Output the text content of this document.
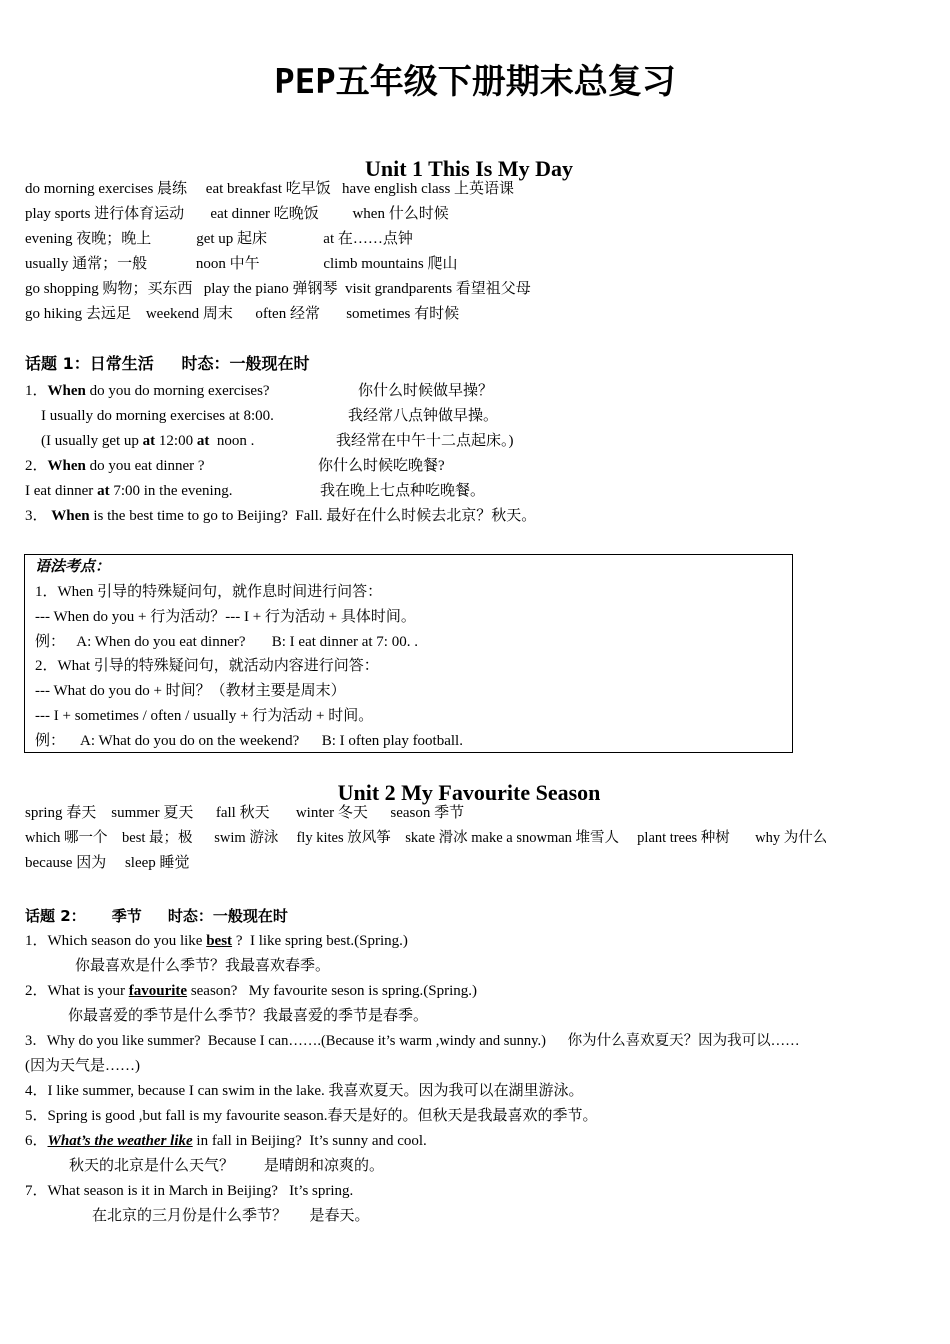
PEP五年级下册期末总复习
Unit 1 This Is My Day
do morning exercises 晨练     eat breakfast 吃早饭   have english class 上英语课
play sports 进行体育运动       eat dinner 吃晚饭         when 什么时候
evening 夜晚；晚上            get up 起床               at 在……点钟
usually 通常；一般             noon 中午                 climb mountains 爬山
go shopping 购物；买东西   play the piano 弹钢琴  visit grandparents 看望祖父母
go hiking 去远足    weekend 周末      often 经常       sometimes 有时候
话题 1：日常生活     时态：一般现在时
1．When do you do morning exercises?	你什么时候做早操？
I usually do morning exercises at 8:00.	我经常八点钟做早操。
(I usually get up at 12:00 at  noon .	我经常在中午十二点起床。)
2．When do you eat dinner ?	你什么时候吃晚餐?
I eat dinner at 7:00 in the evening.	我在晚上七点种吃晚餐。
3． When is the best time to go to Beijing?  Fall. 最好在什么时候去北京？秋天。
语法考点：
1．When 引导的特殊疑问句，就作息时间进行问答：
--- When do you + 行为活动？--- I + 行为活动 + 具体时间。
例：   A: When do you eat dinner?       B: I eat dinner at 7: 00. .
2．What 引导的特殊疑问句，就活动内容进行问答：
--- What do you do + 时间？（教材主要是周末）
--- I + sometimes / often / usually + 行为活动 + 时间。
例：    A: What do you do on the weekend?      B: I often play football.
Unit 2 My Favourite Season
spring 春天    summer 夏天      fall 秋天       winter 冬天      season 季节
which 哪一个    best 最；极      swim 游泳     fly kites 放风筝    skate 滑冰 make a snowman 堆雪人     plant trees 种树       why 为什么
because 因为     sleep 睡觉
话题 2：     季节     时态：一般现在时
1．Which season do you like best ?  I like spring best.(Spring.)
你最喜欢是什么季节？我最喜欢春季。
2．What is your favourite season?   My favourite seson is spring.(Spring.)
你最喜爱的季节是什么季节？我最喜爱的季节是春季。
3．Why do you like summer?  Because I can…….(Because it’s warm ,windy and sunny.)      你为什么喜欢夏天？因为我可以……
(因为天气是……)
4．I like summer, because I can swim in the lake. 我喜欢夏天。因为我可以在湖里游泳。
5．Spring is good ,but fall is my favourite season.春天是好的。但秋天是我最喜欢的季节。
6．What’s the weather like in fall in Beijing?  It’s sunny and cool.
秋天的北京是什么天气？        是晴朗和凉爽的。
7．What season is it in March in Beijing?   It’s spring.
在北京的三月份是什么季节？      是春天。
